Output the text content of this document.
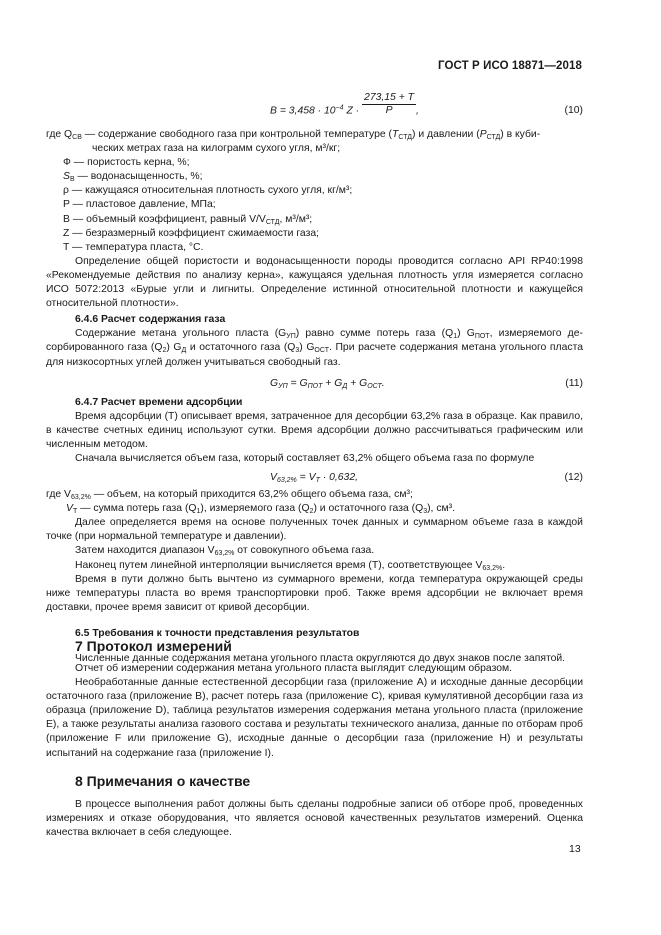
ГОСТ Р ИСО 18871—2018
$B = 3,458 \cdot 10^{-4}$ $Z \cdot \frac{273,15 + T}{P}$ ,	(10)

где $Q_{СВ}$ — содержание свободного газа при контрольной температуре $(T_{СТД})$ и давлении $(P_{СТД})$ в куби-

ческих метрах газа на килограмм сухого угля, м³/кг;

Ф — пористость керна, %;

$S_В$ — водонасыщенность, %;

ρ — кажущаяся относительная плотность сухого угля, кг/м³;

P — пластовое давление, МПа;

B — объемный коэффициент, равный $V/V_{СТД}$, м³/м³;

Z — безразмерный коэффициент сжимаемости газа;

T — температура пласта, °С.

Определение общей пористости и водонасыщенности породы проводится согласно API RP40:1998 «Рекомендуемые действия по анализу керна», кажущаяся удельная плотность угля измеряется согласно ИСО 5072:2013 «Бурые угли и лигниты. Определение истинной относительной плотности и кажущейся относительной плотности».

6.4.6 Расчет содержания газа

Содержание метана угольного пласта $(G_{УП})$ равно сумме потерь газа $(Q_1)$ $G_{ПОТ}$, измеряемого десорбированного газа $(Q_2)$ $G_Д$ и остаточного газа $(Q_3)$ $G_{ОСТ}$. При расчете содержания метана угольного пласта для низкосортных углей должен учитываться свободный газ.

$G_{УП} = G_{ПОТ} + G_Д + G_{ОСТ}$.	(11)

6.4.7 Расчет времени адсорбции

Время адсорбции (T) описывает время, затраченное для десорбции 63,2% газа в образце. Как правило, в качестве счетных единиц используют сутки. Время адсорбции должно рассчитываться графическим или численным методом.

Сначала вычисляется объем газа, который составляет 63,2% общего объема газа по формуле

$V_{63,2\%} = V_Т \cdot 0,632$,	(12)

где $V_{63,2\%}$ — объем, на который приходится 63,2% общего объема газа, см³;

$V_Т$ — сумма потерь газа $(Q_1)$, измеряемого газа $(Q_2)$ и остаточного газа $(Q_3)$, см³.

Далее определяется время на основе полученных точек данных и суммарном объеме газа в каждой точке (при нормальной температуре и давлении).

Затем находится диапазон $V_{63,2\%}$ от совокупного объема газа.

Наконец путем линейной интерполяции вычисляется время (T), соответствующее $V_{63,2\%}$.

Время в пути должно быть вычтено из суммарного времени, когда температура окружающей среды ниже температуры пласта во время транспортировки проб. Также время адсорбции не включает время доставки, прочее время зависит от кривой десорбции.

6.5 Требования к точности представления результатов

Численные данные содержания метана угольного пласта округляются до двух знаков после запятой.

7 Протокол измерений

Отчет об измерении содержания метана угольного пласта выглядит следующим образом.

Необработанные данные естественной десорбции газа (приложение А) и исходные данные десорбции остаточного газа (приложение B), расчет потерь газа (приложение C), кривая кумулятивной десорбции газа из образца (приложение D), таблица результатов измерения содержания метана угольного пласта (приложение E), а также результаты анализа газового состава и результаты технического анализа, данные по отборам проб (приложение F или приложение G), исходные данные о десорбции газа (приложение H) и результаты испытаний на содержание газа (приложение I).

8 Примечания о качестве

В процессе выполнения работ должны быть сделаны подробные записи об отборе проб, проведенных измерениях и отказе оборудования, что является основой качественных результатов измерений. Оценка качества включает в себя следующее.

13
